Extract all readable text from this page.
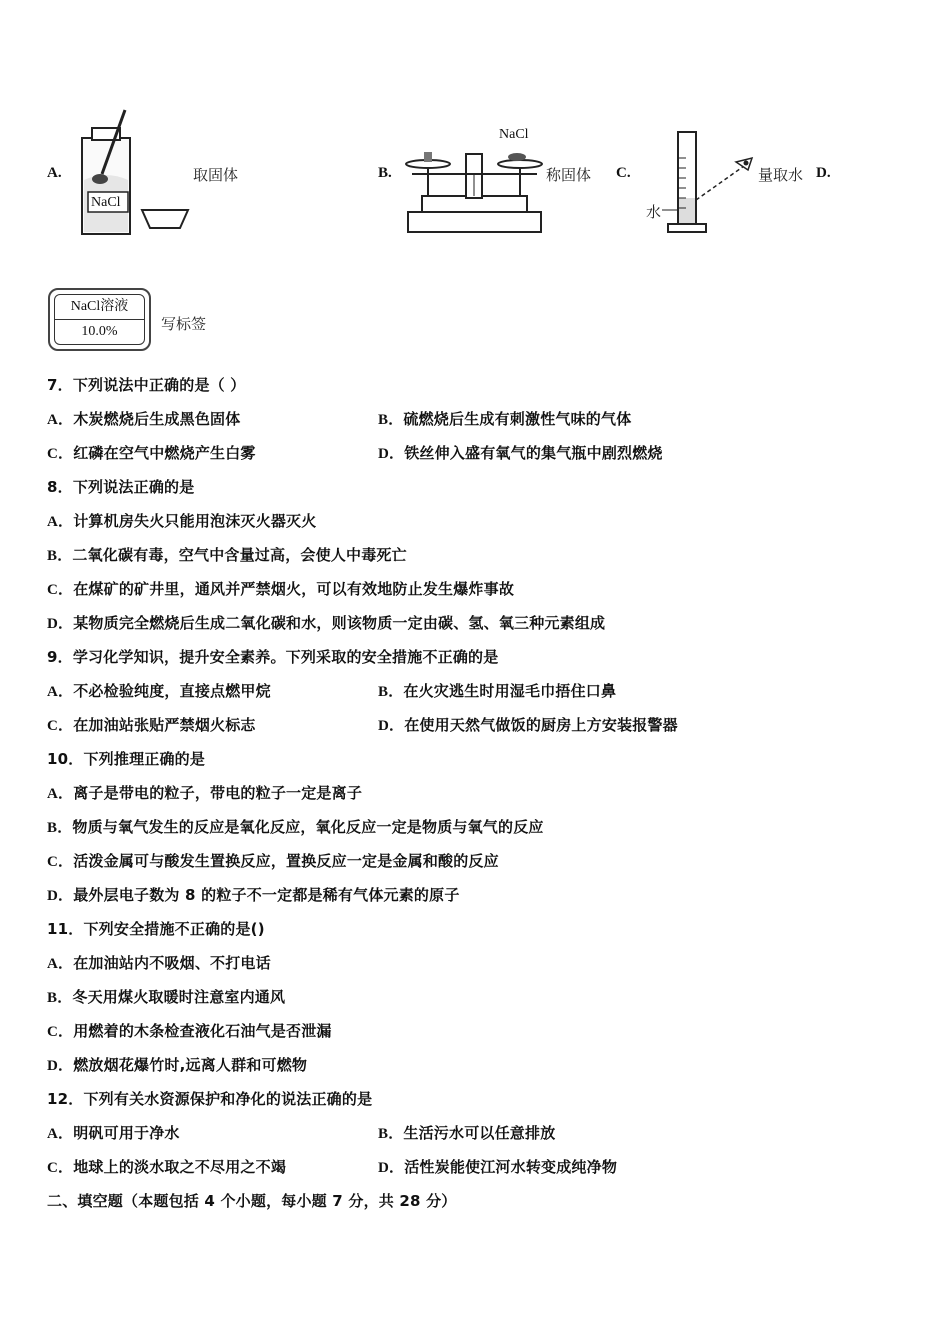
A.
NaCl
取固体	B.
NaCl
称固体 C.
水
量取水 D.
NaCl溶液
10.0%	写标签
7．下列说法中正确的是（ ）
A．木炭燃烧后生成黑色固体	B．硫燃烧后生成有刺激性气味的气体
C．红磷在空气中燃烧产生白雾	D．铁丝伸入盛有氧气的集气瓶中剧烈燃烧
8．下列说法正确的是
A．计算机房失火只能用泡沫灭火器灭火
B．二氧化碳有毒，空气中含量过高，会使人中毒死亡
C．在煤矿的矿井里，通风并严禁烟火，可以有效地防止发生爆炸事故
D．某物质完全燃烧后生成二氧化碳和水，则该物质一定由碳、氢、氧三种元素组成
9．学习化学知识，提升安全素养。下列采取的安全措施不正确的是
A．不必检验纯度，直接点燃甲烷	B．在火灾逃生时用湿毛巾捂住口鼻
C．在加油站张贴严禁烟火标志	D．在使用天然气做饭的厨房上方安装报警器
10．下列推理正确的是
A．离子是带电的粒子，带电的粒子一定是离子
B．物质与氧气发生的反应是氧化反应，氧化反应一定是物质与氧气的反应
C．活泼金属可与酸发生置换反应，置换反应一定是金属和酸的反应
D．最外层电子数为 8 的粒子不一定都是稀有气体元素的原子
11．下列安全措施不正确的是()
A．在加油站内不吸烟、不打电话
B．冬天用煤火取暖时注意室内通风
C．用燃着的木条检查液化石油气是否泄漏
D．燃放烟花爆竹时,远离人群和可燃物
12．下列有关水资源保护和净化的说法正确的是
A．明矾可用于净水	B．生活污水可以任意排放
C．地球上的淡水取之不尽用之不竭	D．活性炭能使江河水转变成纯净物
二、填空题（本题包括 4 个小题，每小题 7 分，共 28 分）
